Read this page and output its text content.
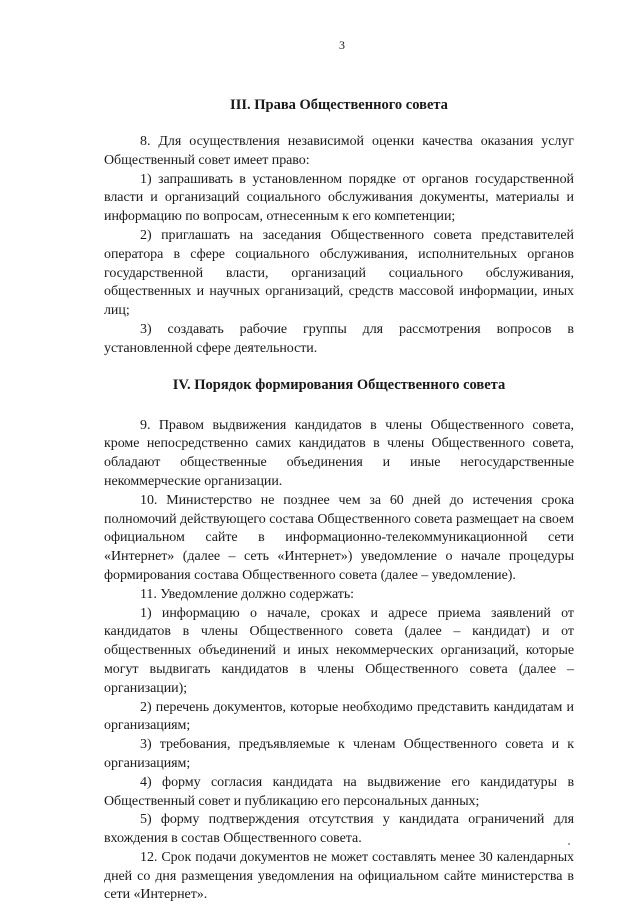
3

III. Права Общественного совета

8. Для осуществления независимой оценки качества оказания услуг Общественный совет имеет право:

1) запрашивать в установленном порядке от органов государственной власти и организаций социального обслуживания документы, материалы и информацию по вопросам, отнесенным к его компетенции;

2) приглашать на заседания Общественного совета представителей оператора в сфере социального обслуживания, исполнительных органов государственной власти, организаций социального обслуживания, общественных и научных организаций, средств массовой информации, иных лиц;

3) создавать рабочие группы для рассмотрения вопросов в установленной сфере деятельности.

IV. Порядок формирования Общественного совета

9. Правом выдвижения кандидатов в члены Общественного совета, кроме непосредственно самих кандидатов в члены Общественного совета, обладают общественные объединения и иные негосударственные некоммерческие организации.

10. Министерство не позднее чем за 60 дней до истечения срока полномочий действующего состава Общественного совета размещает на своем официальном сайте в информационно-телекоммуникационной сети «Интернет» (далее – сеть «Интернет») уведомление о начале процедуры формирования состава Общественного совета (далее – уведомление).

11. Уведомление должно содержать:

1) информацию о начале, сроках и адресе приема заявлений от кандидатов в члены Общественного совета (далее – кандидат) и от общественных объединений и иных некоммерческих организаций, которые могут выдвигать кандидатов в члены Общественного совета (далее – организации);

2) перечень документов, которые необходимо представить кандидатам и организациям;

3) требования, предъявляемые к членам Общественного совета и к организациям;

4) форму согласия кандидата на выдвижение его кандидатуры в Общественный совет и публикацию его персональных данных;

5) форму подтверждения отсутствия у кандидата ограничений для вхождения в состав Общественного совета.

12. Срок подачи документов не может составлять менее 30 календарных дней со дня размещения уведомления на официальном сайте министерства в сети «Интернет».
